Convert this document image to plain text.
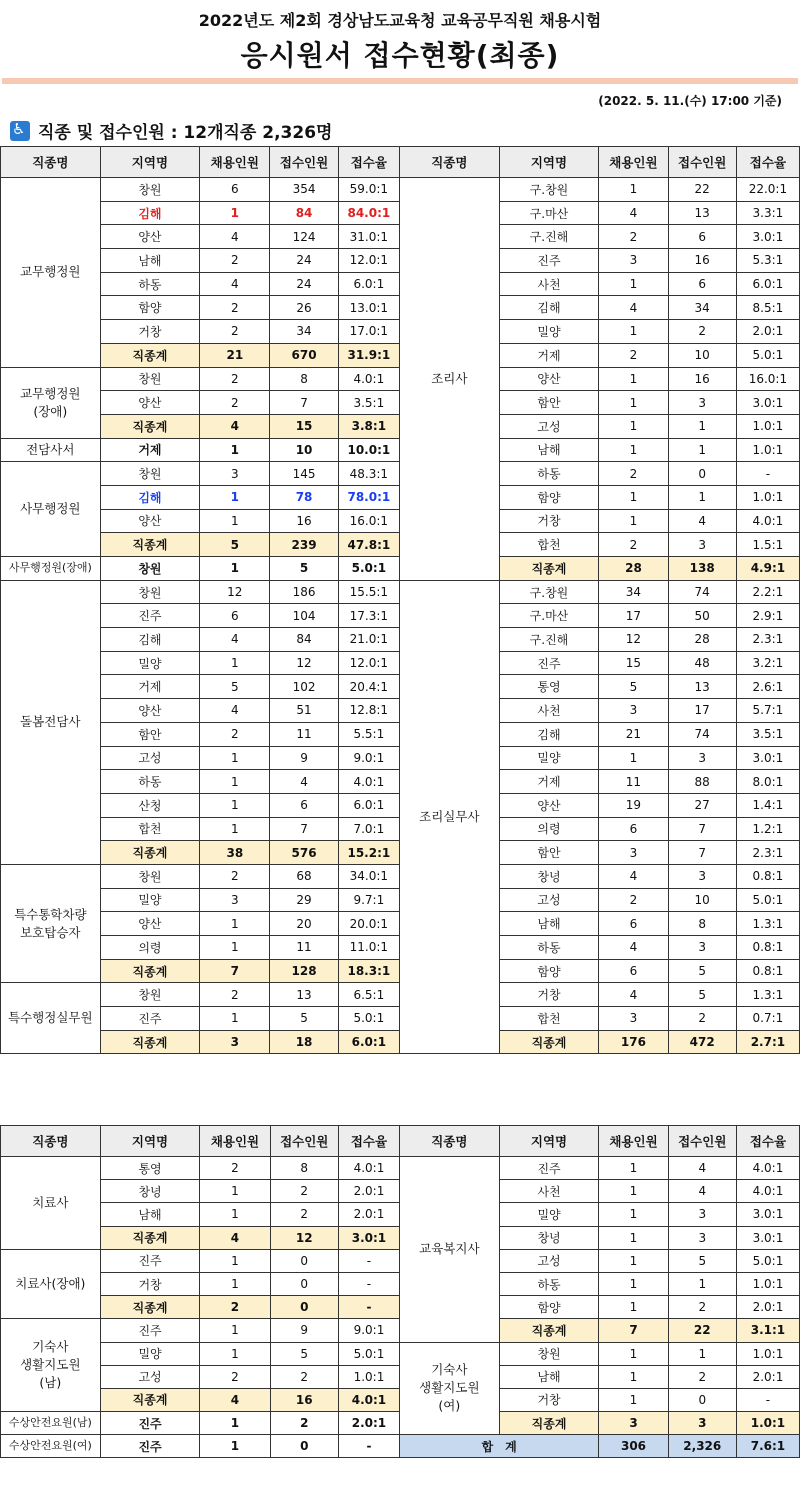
2022년도 제2회 경상남도교육청 교육공무직원 채용시험
응시원서 접수현황(최종)
(2022. 5. 11.(수) 17:00 기준)
♿
직종 및 접수인원 : 12개직종 2,326명
직종명	지역명	채용인원	접수인원	접수율	직종명	지역명	채용인원	접수인원	접수율
교무행정원	창원	6	354	59.0:1	조리사	구.창원	1	22	22.0:1
	김해	1	84	84.0:1		구.마산	4	13	3.3:1
	양산	4	124	31.0:1		구.진해	2	6	3.0:1
	남해	2	24	12.0:1		진주	3	16	5.3:1
	하동	4	24	6.0:1		사천	1	6	6.0:1
	함양	2	26	13.0:1		김해	4	34	8.5:1
	거창	2	34	17.0:1		밀양	1	2	2.0:1
	직종계	21	670	31.9:1		거제	2	10	5.0:1
교무행정원
(장애)	창원	2	8	4.0:1		양산	1	16	16.0:1
	양산	2	7	3.5:1		함안	1	3	3.0:1
	직종계	4	15	3.8:1		고성	1	1	1.0:1
전담사서	거제	1	10	10.0:1		남해	1	1	1.0:1
사무행정원	창원	3	145	48.3:1		하동	2	0	-
	김해	1	78	78.0:1		함양	1	1	1.0:1
	양산	1	16	16.0:1		거창	1	4	4.0:1
	직종계	5	239	47.8:1		합천	2	3	1.5:1
사무행정원(장애)	창원	1	5	5.0:1		직종계	28	138	4.9:1
돌봄전담사	창원	12	186	15.5:1	조리실무사	구.창원	34	74	2.2:1
	진주	6	104	17.3:1		구.마산	17	50	2.9:1
	김해	4	84	21.0:1		구.진해	12	28	2.3:1
	밀양	1	12	12.0:1		진주	15	48	3.2:1
	거제	5	102	20.4:1		통영	5	13	2.6:1
	양산	4	51	12.8:1		사천	3	17	5.7:1
	함안	2	11	5.5:1		김해	21	74	3.5:1
	고성	1	9	9.0:1		밀양	1	3	3.0:1
	하동	1	4	4.0:1		거제	11	88	8.0:1
	산청	1	6	6.0:1		양산	19	27	1.4:1
	합천	1	7	7.0:1		의령	6	7	1.2:1
	직종계	38	576	15.2:1		함안	3	7	2.3:1
특수통학차량
보호탑승자	창원	2	68	34.0:1		창녕	4	3	0.8:1
	밀양	3	29	9.7:1		고성	2	10	5.0:1
	양산	1	20	20.0:1		남해	6	8	1.3:1
	의령	1	11	11.0:1		하동	4	3	0.8:1
	직종계	7	128	18.3:1		함양	6	5	0.8:1
특수행정실무원	창원	2	13	6.5:1		거창	4	5	1.3:1
	진주	1	5	5.0:1		합천	3	2	0.7:1
	직종계	3	18	6.0:1		직종계	176	472	2.7:1
직종명	지역명	채용인원	접수인원	접수율	직종명	지역명	채용인원	접수인원	접수율
치료사	통영	2	8	4.0:1	교육복지사	진주	1	4	4.0:1
	창녕	1	2	2.0:1		사천	1	4	4.0:1
	남해	1	2	2.0:1		밀양	1	3	3.0:1
	직종계	4	12	3.0:1		창녕	1	3	3.0:1
치료사(장애)	진주	1	0	-		고성	1	5	5.0:1
	거창	1	0	-		하동	1	1	1.0:1
	직종계	2	0	-		함양	1	2	2.0:1
기숙사
생활지도원
(남)	진주	1	9	9.0:1		직종계	7	22	3.1:1
	밀양	1	5	5.0:1	기숙사
생활지도원
(여)	창원	1	1	1.0:1
	고성	2	2	1.0:1		남해	1	2	2.0:1
	직종계	4	16	4.0:1		거창	1	0	-
수상안전요원(남)	진주	1	2	2.0:1		직종계	3	3	1.0:1
수상안전요원(여)	진주	1	0	-	합　계		306	2,326	7.6:1
